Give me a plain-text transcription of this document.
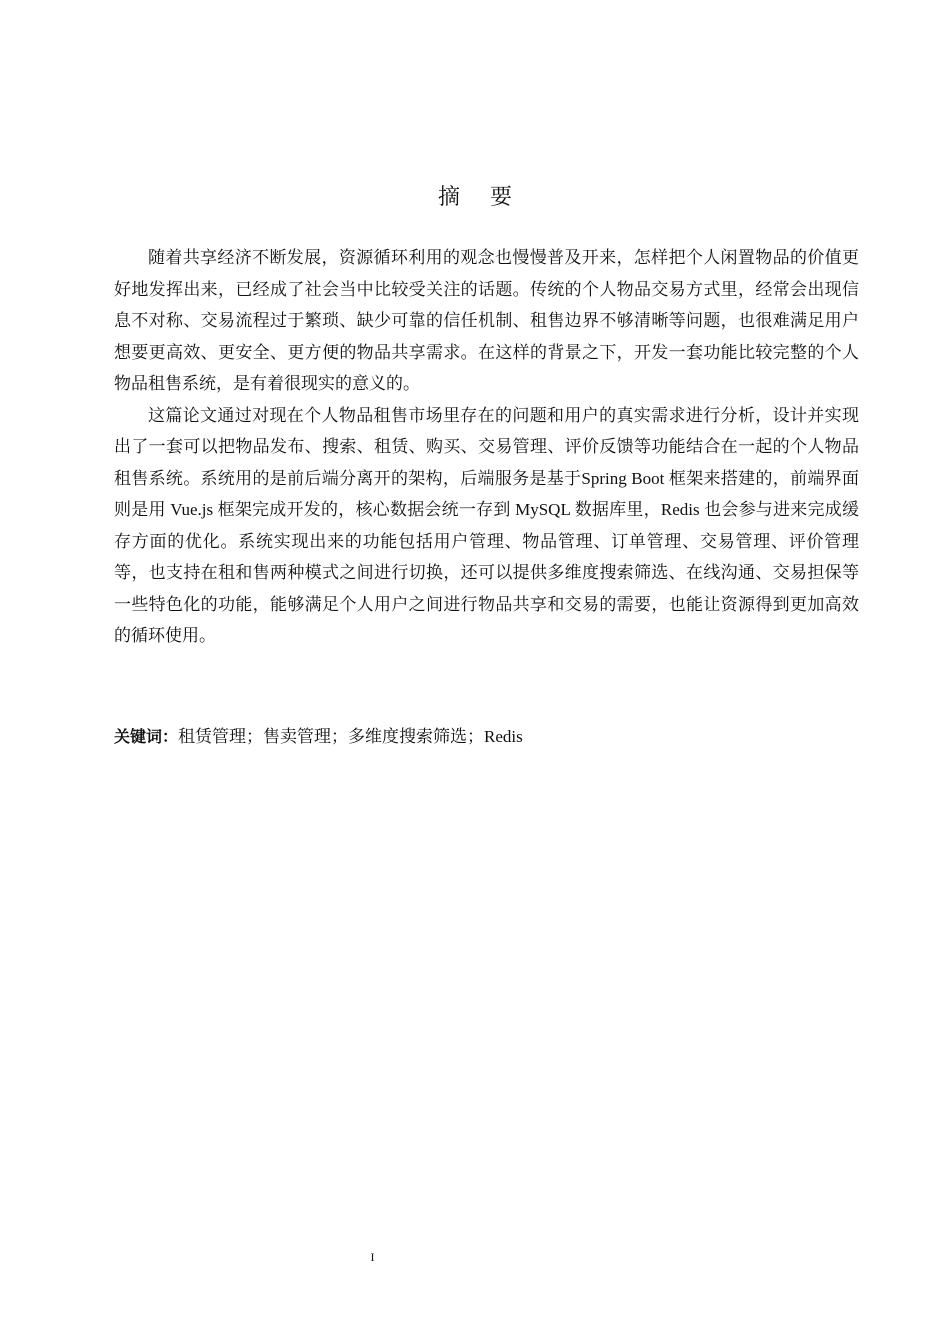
摘要

随着共享经济不断发展，资源循环利用的观念也慢慢普及开来，怎样把个人闲置物品的价值更好地发挥出来，已经成了社会当中比较受关注的话题。传统的个人物品交易方式里，经常会出现信息不对称、交易流程过于繁琐、缺少可靠的信任机制、租售边界不够清晰等问题，也很难满足用户想要更高效、更安全、更方便的物品共享需求。在这样的背景之下，开发一套功能比较完整的个人物品租售系统，是有着很现实的意义的。

这篇论文通过对现在个人物品租售市场里存在的问题和用户的真实需求进行分析，设计并实现出了一套可以把物品发布、搜索、租赁、购买、交易管理、评价反馈等功能结合在一起的个人物品租售系统。系统用的是前后端分离开的架构，后端服务是基于Spring Boot 框架来搭建的，前端界面则是用 Vue.js 框架完成开发的，核心数据会统一存到 MySQL 数据库里，Redis 也会参与进来完成缓存方面的优化。系统实现出来的功能包括用户管理、物品管理、订单管理、交易管理、评价管理等，也支持在租和售两种模式之间进行切换，还可以提供多维度搜索筛选、在线沟通、交易担保等一些特色化的功能，能够满足个人用户之间进行物品共享和交易的需要，也能让资源得到更加高效的循环使用。

关键词：租赁管理；售卖管理；多维度搜索筛选；Redis
I
